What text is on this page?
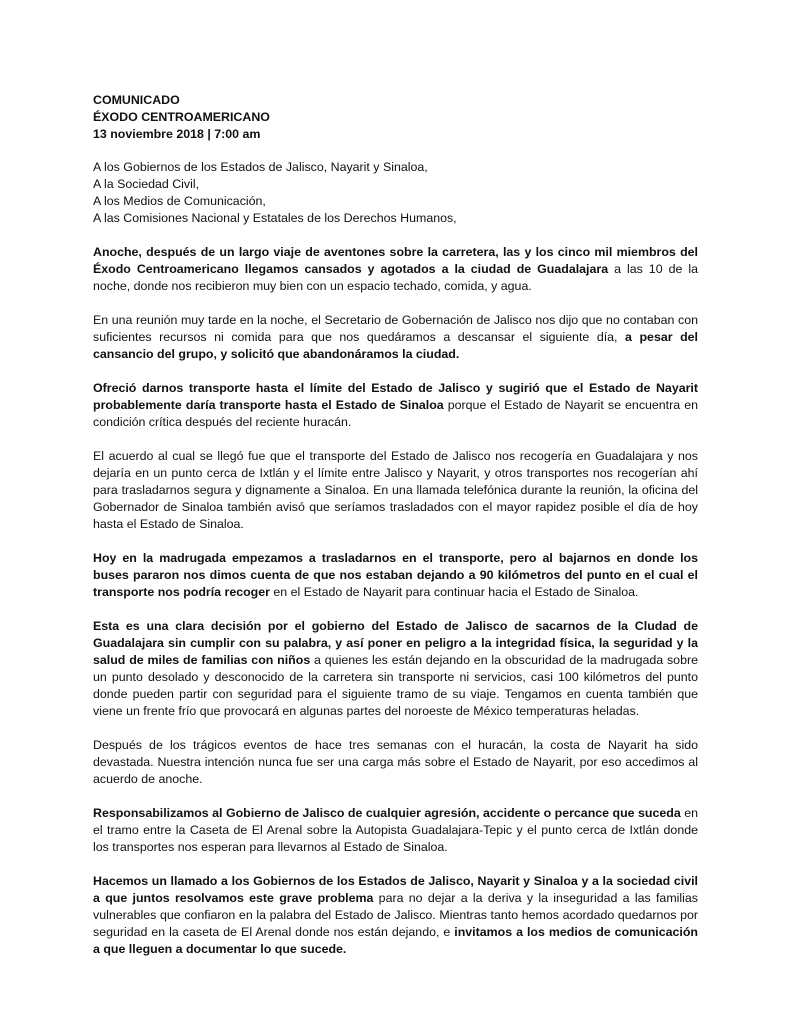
COMUNICADO
ÉXODO CENTROAMERICANO
13 noviembre 2018 | 7:00 am
A los Gobiernos de los Estados de Jalisco, Nayarit y Sinaloa,
A la Sociedad Civil,
A los Medios de Comunicación,
A las Comisiones Nacional y Estatales de los Derechos Humanos,

Anoche, después de un largo viaje de aventones sobre la carretera, las y los cinco mil miembros del Éxodo Centroamericano llegamos cansados y agotados a la ciudad de Guadalajara a las 10 de la noche, donde nos recibieron muy bien con un espacio techado, comida, y agua.

En una reunión muy tarde en la noche, el Secretario de Gobernación de Jalisco nos dijo que no contaban con suficientes recursos ni comida para que nos quedáramos a descansar el siguiente día, a pesar del cansancio del grupo, y solicitó que abandonáramos la ciudad.

Ofreció darnos transporte hasta el límite del Estado de Jalisco y sugirió que el Estado de Nayarit probablemente daría transporte hasta el Estado de Sinaloa porque el Estado de Nayarit se encuentra en condición crítica después del reciente huracán.

El acuerdo al cual se llegó fue que el transporte del Estado de Jalisco nos recogería en Guadalajara y nos dejaría en un punto cerca de Ixtlán y el límite entre Jalisco y Nayarit, y otros transportes nos recogerían ahí para trasladarnos segura y dignamente a Sinaloa. En una llamada telefónica durante la reunión, la oficina del Gobernador de Sinaloa también avisó que seríamos trasladados con el mayor rapidez posible el día de hoy hasta el Estado de Sinaloa.

Hoy en la madrugada empezamos a trasladarnos en el transporte, pero al bajarnos en donde los buses pararon nos dimos cuenta de que nos estaban dejando a 90 kilómetros del punto en el cual el transporte nos podría recoger en el Estado de Nayarit para continuar hacia el Estado de Sinaloa.

Esta es una clara decisión por el gobierno del Estado de Jalisco de sacarnos de la Cludad de Guadalajara sin cumplir con su palabra, y así poner en peligro a la integridad física, la seguridad y la salud de miles de familias con niños a quienes les están dejando en la obscuridad de la madrugada sobre un punto desolado y desconocido de la carretera sin transporte ni servicios, casi 100 kilómetros del punto donde pueden partir con seguridad para el siguiente tramo de su viaje. Tengamos en cuenta también que viene un frente frío que provocará en algunas partes del noroeste de México temperaturas heladas.

Después de los trágicos eventos de hace tres semanas con el huracán, la costa de Nayarit ha sido devastada. Nuestra intención nunca fue ser una carga más sobre el Estado de Nayarit, por eso accedimos al acuerdo de anoche.

Responsabilizamos al Gobierno de Jalisco de cualquier agresión, accidente o percance que suceda en el tramo entre la Caseta de El Arenal sobre la Autopista Guadalajara-Tepic y el punto cerca de Ixtlán donde los transportes nos esperan para llevarnos al Estado de Sinaloa.

Hacemos un llamado a los Gobiernos de los Estados de Jalisco, Nayarit y Sinaloa y a la sociedad civil a que juntos resolvamos este grave problema para no dejar a la deriva y la inseguridad a las familias vulnerables que confiaron en la palabra del Estado de Jalisco. Mientras tanto hemos acordado quedarnos por seguridad en la caseta de El Arenal donde nos están dejando, e invitamos a los medios de comunicación a que lleguen a documentar lo que sucede.
